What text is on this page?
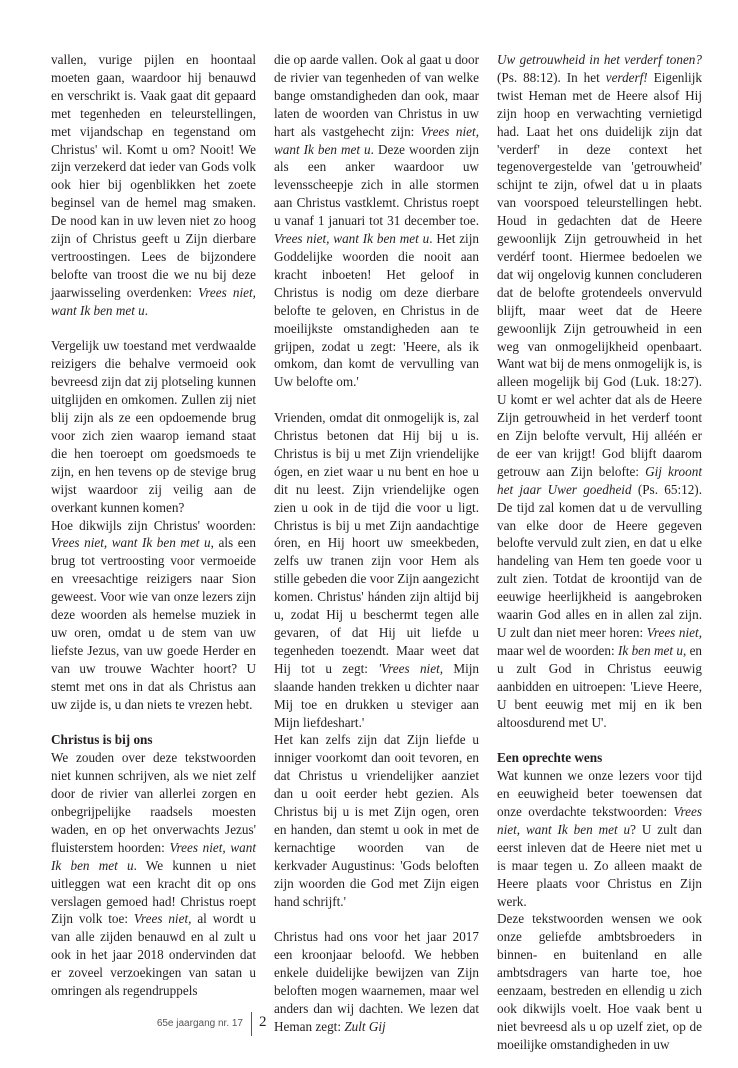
vallen, vurige pijlen en hoontaal moeten gaan, waardoor hij benauwd en verschrikt is. Vaak gaat dit gepaard met tegenheden en teleurstellingen, met vijandschap en tegenstand om Christus' wil. Komt u om? Nooit! We zijn verzekerd dat ieder van Gods volk ook hier bij ogenblikken het zoete beginsel van de hemel mag smaken. De nood kan in uw leven niet zo hoog zijn of Christus geeft u Zijn dierbare vertroostingen. Lees de bijzondere belofte van troost die we nu bij deze jaarwisseling overdenken: Vrees niet, want Ik ben met u.

Vergelijk uw toestand met verdwaalde reizigers die behalve vermoeid ook bevreesd zijn dat zij plotseling kunnen uitglijden en omkomen. Zullen zij niet blij zijn als ze een opdoemende brug voor zich zien waarop iemand staat die hen toeroept om goedsmoeds te zijn, en hen tevens op de stevige brug wijst waardoor zij veilig aan de overkant kunnen komen?

Hoe dikwijls zijn Christus' woorden: Vrees niet, want Ik ben met u, als een brug tot vertroosting voor vermoeide en vreesachtige reizigers naar Sion geweest. Voor wie van onze lezers zijn deze woorden als hemelse muziek in uw oren, omdat u de stem van uw liefste Jezus, van uw goede Herder en van uw trouwe Wachter hoort? U stemt met ons in dat als Christus aan uw zijde is, u dan niets te vrezen hebt.

Christus is bij ons

We zouden over deze tekstwoorden niet kunnen schrijven, als we niet zelf door de rivier van allerlei zorgen en onbegrijpelijke raadsels moesten waden, en op het onverwachts Jezus' fluisterstem hoorden: Vrees niet, want Ik ben met u. We kunnen u niet uitleggen wat een kracht dit op ons verslagen gemoed had! Christus roept Zijn volk toe: Vrees niet, al wordt u van alle zijden benauwd en al zult u ook in het jaar 2018 ondervinden dat er zoveel verzoekingen van satan u omringen als regendruppels

die op aarde vallen. Ook al gaat u door de rivier van tegenheden of van welke bange omstandigheden dan ook, maar laten de woorden van Christus in uw hart als vastgehecht zijn: Vrees niet, want Ik ben met u. Deze woorden zijn als een anker waardoor uw levensscheepje zich in alle stormen aan Christus vastklemt. Christus roept u vanaf 1 januari tot 31 december toe. Vrees niet, want Ik ben met u. Het zijn Goddelijke woorden die nooit aan kracht inboeten! Het geloof in Christus is nodig om deze dierbare belofte te geloven, en Christus in de moeilijkste omstandigheden aan te grijpen, zodat u zegt: 'Heere, als ik omkom, dan komt de vervulling van Uw belofte om.'

Vrienden, omdat dit onmogelijk is, zal Christus betonen dat Hij bij u is. Christus is bij u met Zijn vriendelijke ógen, en ziet waar u nu bent en hoe u dit nu leest. Zijn vriendelijke ogen zien u ook in de tijd die voor u ligt. Christus is bij u met Zijn aandachtige óren, en Hij hoort uw smeekbeden, zelfs uw tranen zijn voor Hem als stille gebeden die voor Zijn aangezicht komen. Christus' hánden zijn altijd bij u, zodat Hij u beschermt tegen alle gevaren, of dat Hij uit liefde u tegenheden toezendt. Maar weet dat Hij tot u zegt: 'Vrees niet, Mijn slaande handen trekken u dichter naar Mij toe en drukken u steviger aan Mijn liefdeshart.'

Het kan zelfs zijn dat Zijn liefde u inniger voorkomt dan ooit tevoren, en dat Christus u vriendelijker aanziet dan u ooit eerder hebt gezien. Als Christus bij u is met Zijn ogen, oren en handen, dan stemt u ook in met de kernachtige woorden van de kerkvader Augustinus: 'Gods beloften zijn woorden die God met Zijn eigen hand schrijft.'

Christus had ons voor het jaar 2017 een kroonjaar beloofd. We hebben enkele duidelijke bewijzen van Zijn beloften mogen waarnemen, maar wel anders dan wij dachten. We lezen dat Heman zegt: Zult Gij

Uw getrouwheid in het verderf tonen? (Ps. 88:12). In het verderf! Eigenlijk twist Heman met de Heere alsof Hij zijn hoop en verwachting vernietigd had. Laat het ons duidelijk zijn dat 'verderf' in deze context het tegenovergestelde van 'getrouwheid' schijnt te zijn, ofwel dat u in plaats van voorspoed teleurstellingen hebt. Houd in gedachten dat de Heere gewoonlijk Zijn getrouwheid in het verdérf toont. Hiermee bedoelen we dat wij ongelovig kunnen concluderen dat de belofte grotendeels onvervuld blijft, maar weet dat de Heere gewoonlijk Zijn getrouwheid in een weg van onmogelijkheid openbaart. Want wat bij de mens onmogelijk is, is alleen mogelijk bij God (Luk. 18:27). U komt er wel achter dat als de Heere Zijn getrouwheid in het verderf toont en Zijn belofte vervult, Hij alléén er de eer van krijgt! God blijft daarom getrouw aan Zijn belofte: Gij kroont het jaar Uwer goedheid (Ps. 65:12). De tijd zal komen dat u de vervulling van elke door de Heere gegeven belofte vervuld zult zien, en dat u elke handeling van Hem ten goede voor u zult zien. Totdat de kroontijd van de eeuwige heerlijkheid is aangebroken waarin God alles en in allen zal zijn. U zult dan niet meer horen: Vrees niet, maar wel de woorden: Ik ben met u, en u zult God in Christus eeuwig aanbidden en uitroepen: 'Lieve Heere, U bent eeuwig met mij en ik ben altoosdurend met U'.

Een oprechte wens

Wat kunnen we onze lezers voor tijd en eeuwigheid beter toewensen dat onze overdachte tekstwoorden: Vrees niet, want Ik ben met u? U zult dan eerst inleven dat de Heere niet met u is maar tegen u. Zo alleen maakt de Heere plaats voor Christus en Zijn werk.

Deze tekstwoorden wensen we ook onze geliefde ambtsbroeders in binnen- en buitenland en alle ambtsdragers van harte toe, hoe eenzaam, bestreden en ellendig u zich ook dikwijls voelt. Hoe vaak bent u niet bevreesd als u op uzelf ziet, op de moeilijke omstandigheden in uw

65e jaargang nr. 17 2
